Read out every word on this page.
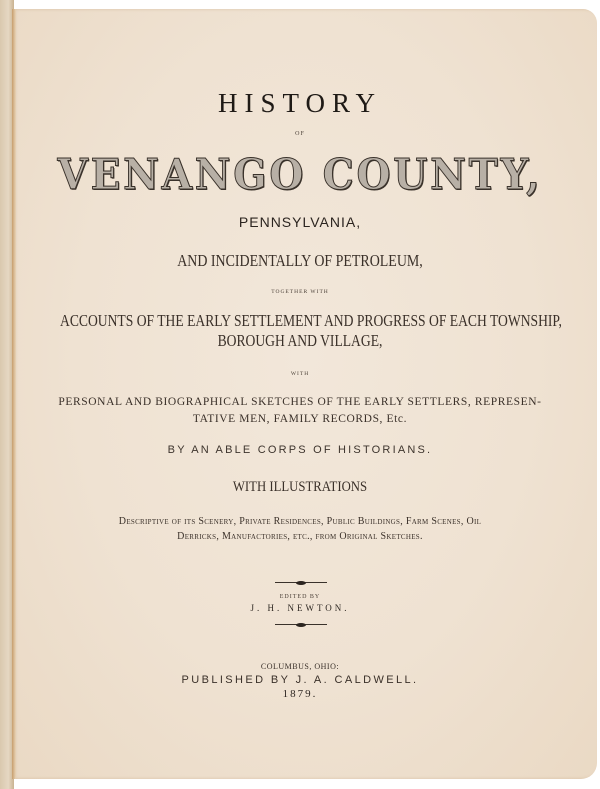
HISTORY
OF
VENANGO COUNTY,
PENNSYLVANIA,
AND INCIDENTALLY OF PETROLEUM,
TOGETHER WITH
ACCOUNTS OF THE EARLY SETTLEMENT AND PROGRESS OF EACH TOWNSHIP,
BOROUGH AND VILLAGE,
WITH
PERSONAL AND BIOGRAPHICAL SKETCHES OF THE EARLY SETTLERS, REPRESEN-
TATIVE MEN, FAMILY RECORDS, Etc.
BY AN ABLE CORPS OF HISTORIANS.
WITH ILLUSTRATIONS
Descriptive of its Scenery, Private Residences, Public Buildings, Farm Scenes, Oil
Derricks, Manufactories, etc., from Original Sketches.
EDITED BY
J. H. NEWTON.
COLUMBUS, OHIO:
PUBLISHED BY J. A. CALDWELL.
1879.
